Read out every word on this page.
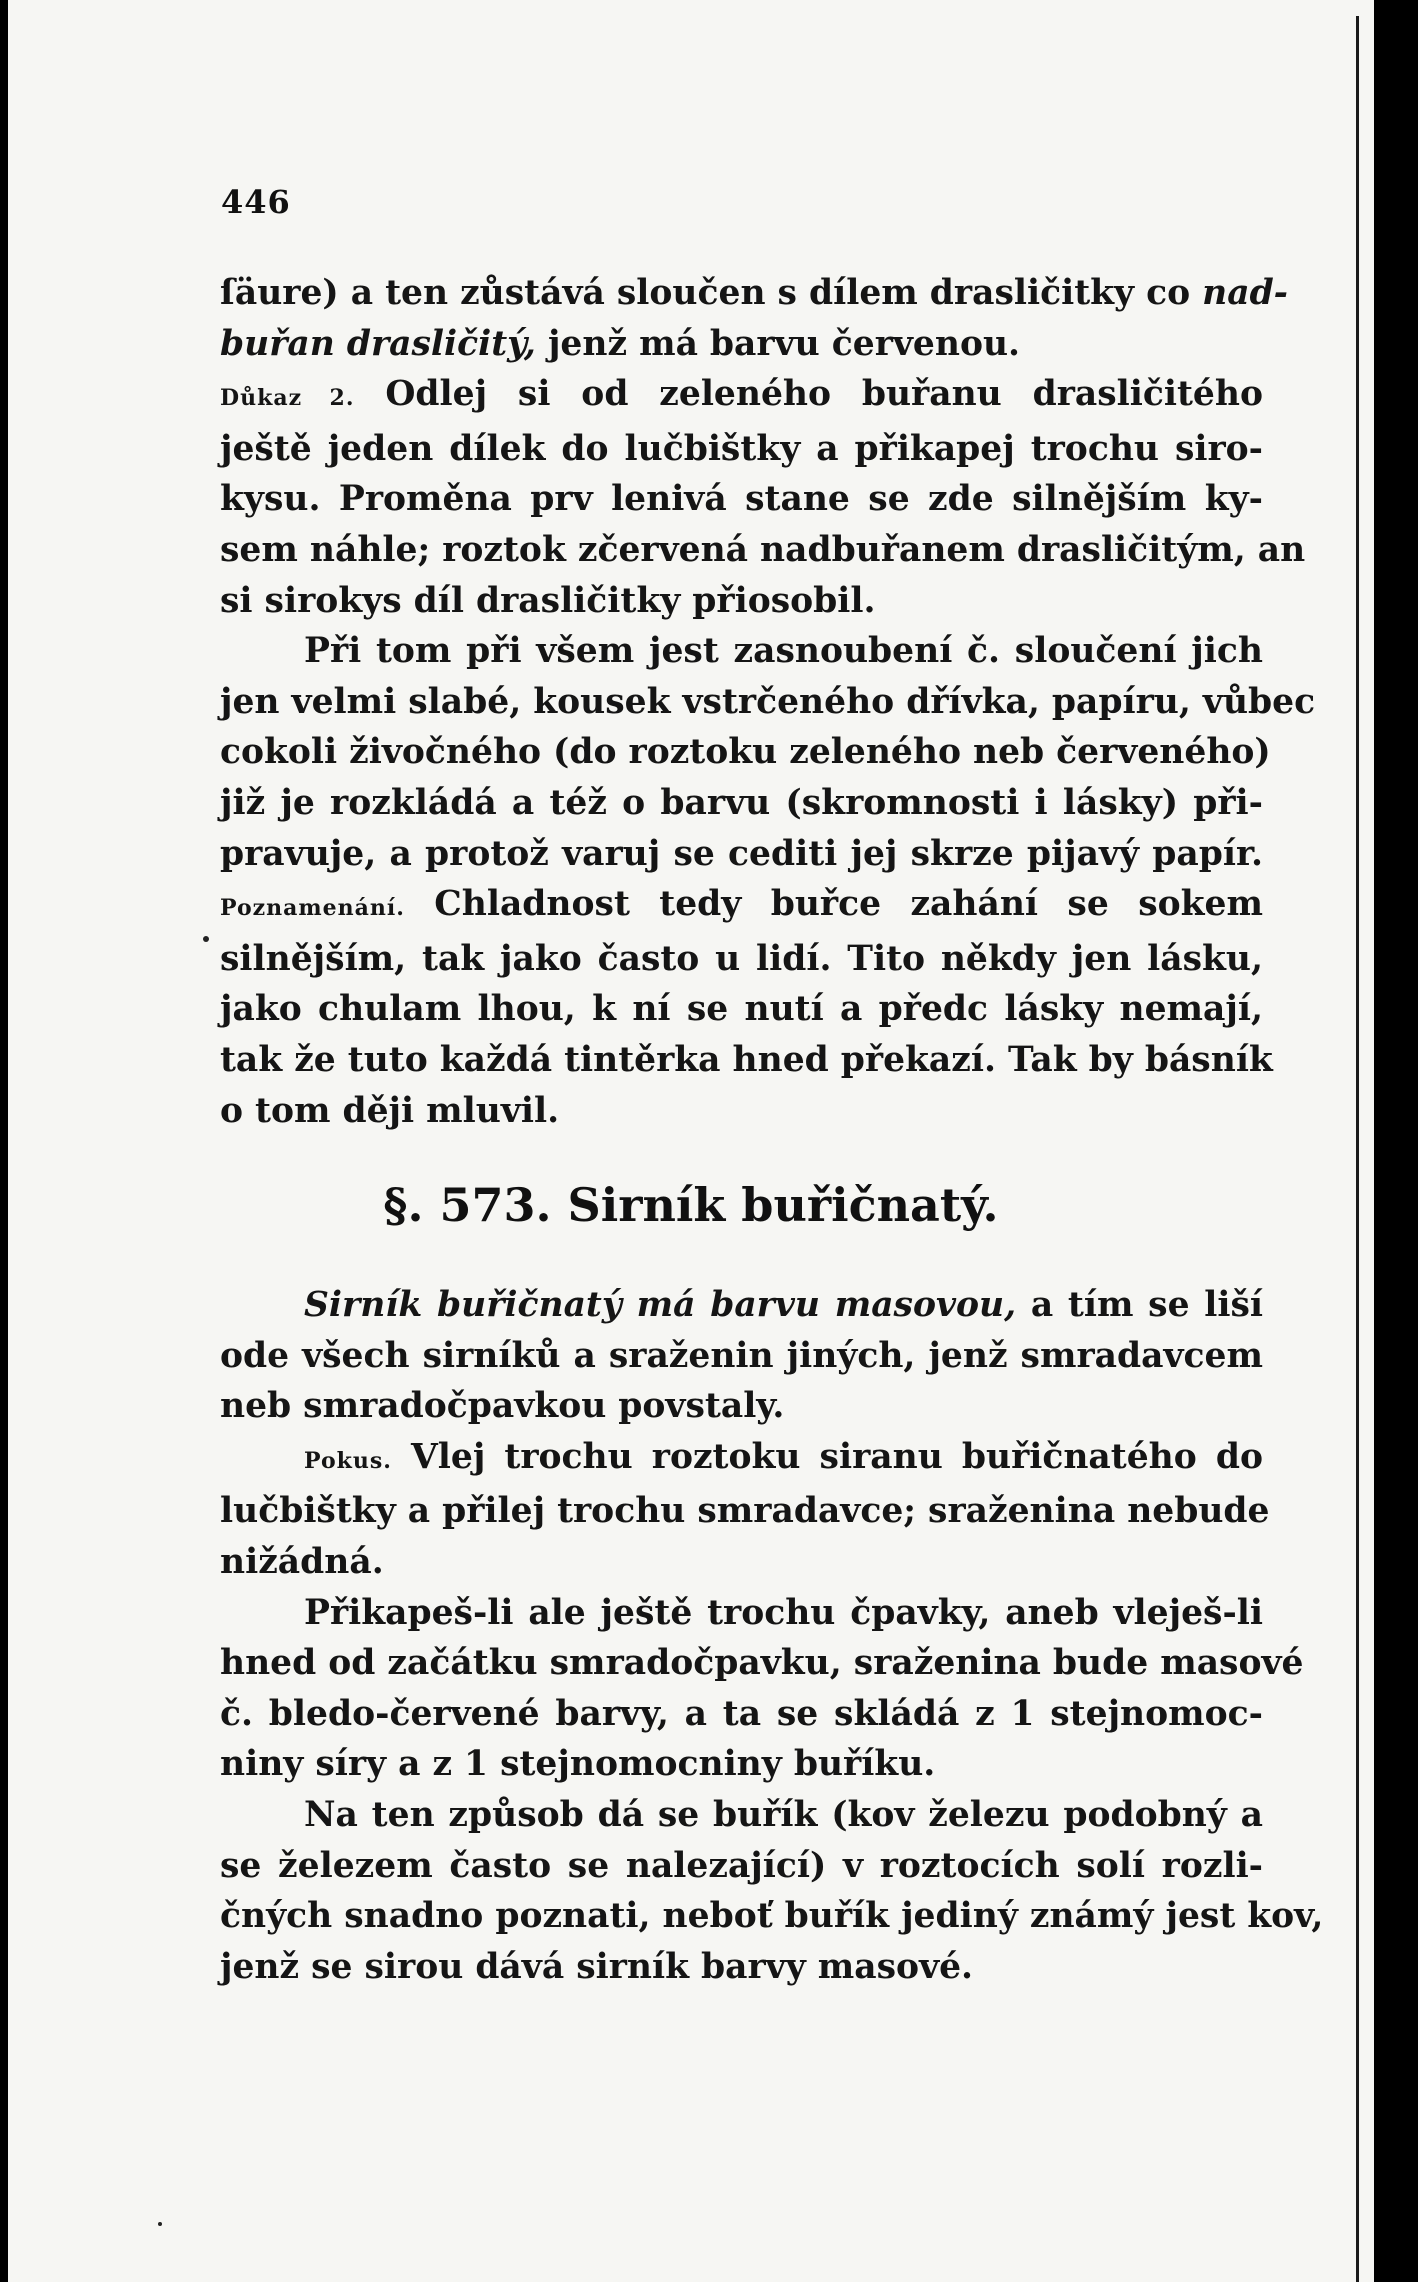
446

ſäure) a ten zůstává sloučen s dílem drasličitky co nad-
buřan drasličitý, jenž má barvu červenou.

Důkaz 2. Odlej si od zeleného buřanu drasličitého
ještě jeden dílek do lučbištky a přikapej trochu siro-
kysu. Proměna prv lenivá stane se zde silnějším ky-
sem náhle; roztok zčervená nadbuřanem drasličitým, an
si sirokys díl drasličitky přiosobil.

Při tom při všem jest zasnoubení č. sloučení jich
jen velmi slabé, kousek vstrčeného dřívka, papíru, vůbec
cokoli živočného (do roztoku zeleného neb červeného)
již je rozkládá a též o barvu (skromnosti i lásky) při-
pravuje, a protož varuj se cediti jej skrze pijavý papír.

Poznamenání. Chladnost tedy buřce zahání se sokem
silnějším, tak jako často u lidí. Tito někdy jen lásku,
jako chulam lhou, k ní se nutí a předc lásky nemají,
tak že tuto každá tintěrka hned překazí. Tak by básník
o tom ději mluvil.

§. 573. Sirník buřičnatý.

Sirník buřičnatý má barvu masovou, a tím se liší
ode všech sirníků a sraženin jiných, jenž smradavcem
neb smradočpavkou povstaly.

Pokus. Vlej trochu roztoku siranu buřičnatého do
lučbištky a přilej trochu smradavce; sraženina nebude
nižádná.

Přikapeš-li ale ještě trochu čpavky, aneb vleješ-li
hned od začátku smradočpavku, sraženina bude masové
č. bledo-červené barvy, a ta se skládá z 1 stejnomoc-
niny síry a z 1 stejnomocniny buříku.

Na ten způsob dá se buřík (kov železu podobný a
se železem často se nalezající) v roztocích solí rozli-
čných snadno poznati, neboť buřík jediný známý jest kov,
jenž se sirou dává sirník barvy masové.
